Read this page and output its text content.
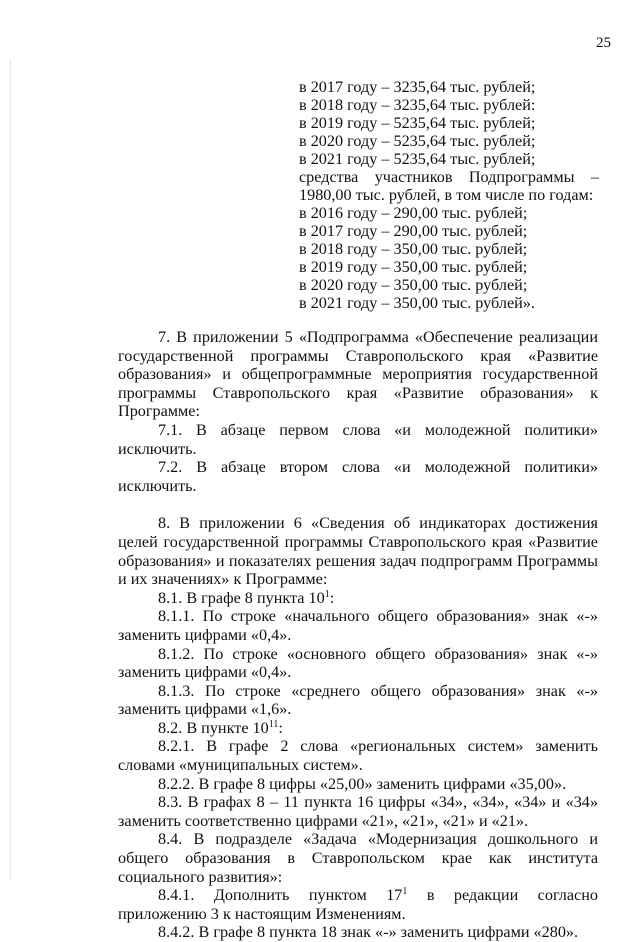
25
в 2017 году – 3235,64 тыс. рублей;
в 2018 году – 3235,64 тыс. рублей:
в 2019 году – 5235,64 тыс. рублей;
в 2020 году – 5235,64 тыс. рублей;
в 2021 году – 5235,64 тыс. рублей;
средства участников Подпрограммы –
1980,00 тыс. рублей, в том числе по годам:
в 2016 году – 290,00 тыс. рублей;
в 2017 году – 290,00 тыс. рублей;
в 2018 году – 350,00 тыс. рублей;
в 2019 году – 350,00 тыс. рублей;
в 2020 году – 350,00 тыс. рублей;
в 2021 году – 350,00 тыс. рублей».
7. В приложении 5 «Подпрограмма «Обеспечение реализации государственной программы Ставропольского края «Развитие образования» и общепрограммные мероприятия государственной программы Ставропольского края «Развитие образования» к Программе:
7.1. В абзаце первом слова «и молодежной политики» исключить.
7.2. В абзаце втором слова «и молодежной политики» исключить.
8. В приложении 6 «Сведения об индикаторах достижения целей государственной программы Ставропольского края «Развитие образования» и показателях решения задач подпрограмм Программы и их значениях» к Программе:
8.1. В графе 8 пункта $10^1$:
8.1.1. По строке «начального общего образования» знак «-» заменить цифрами «0,4».
8.1.2. По строке «основного общего образования» знак «-» заменить цифрами «0,4».
8.1.3. По строке «среднего общего образования» знак «-» заменить цифрами «1,6».
8.2. В пункте $10^{11}$:
8.2.1. В графе 2 слова «региональных систем» заменить словами «муниципальных систем».
8.2.2. В графе 8 цифры «25,00» заменить цифрами «35,00».
8.3. В графах 8 – 11 пункта 16 цифры «34», «34», «34» и «34» заменить соответственно цифрами «21», «21», «21» и «21».
8.4. В подразделе «Задача «Модернизация дошкольного и общего образования в Ставропольском крае как института социального развития»:
8.4.1. Дополнить пунктом $17^1$ в редакции согласно приложению 3 к настоящим Изменениям.
8.4.2. В графе 8 пункта 18 знак «-» заменить цифрами «280».
